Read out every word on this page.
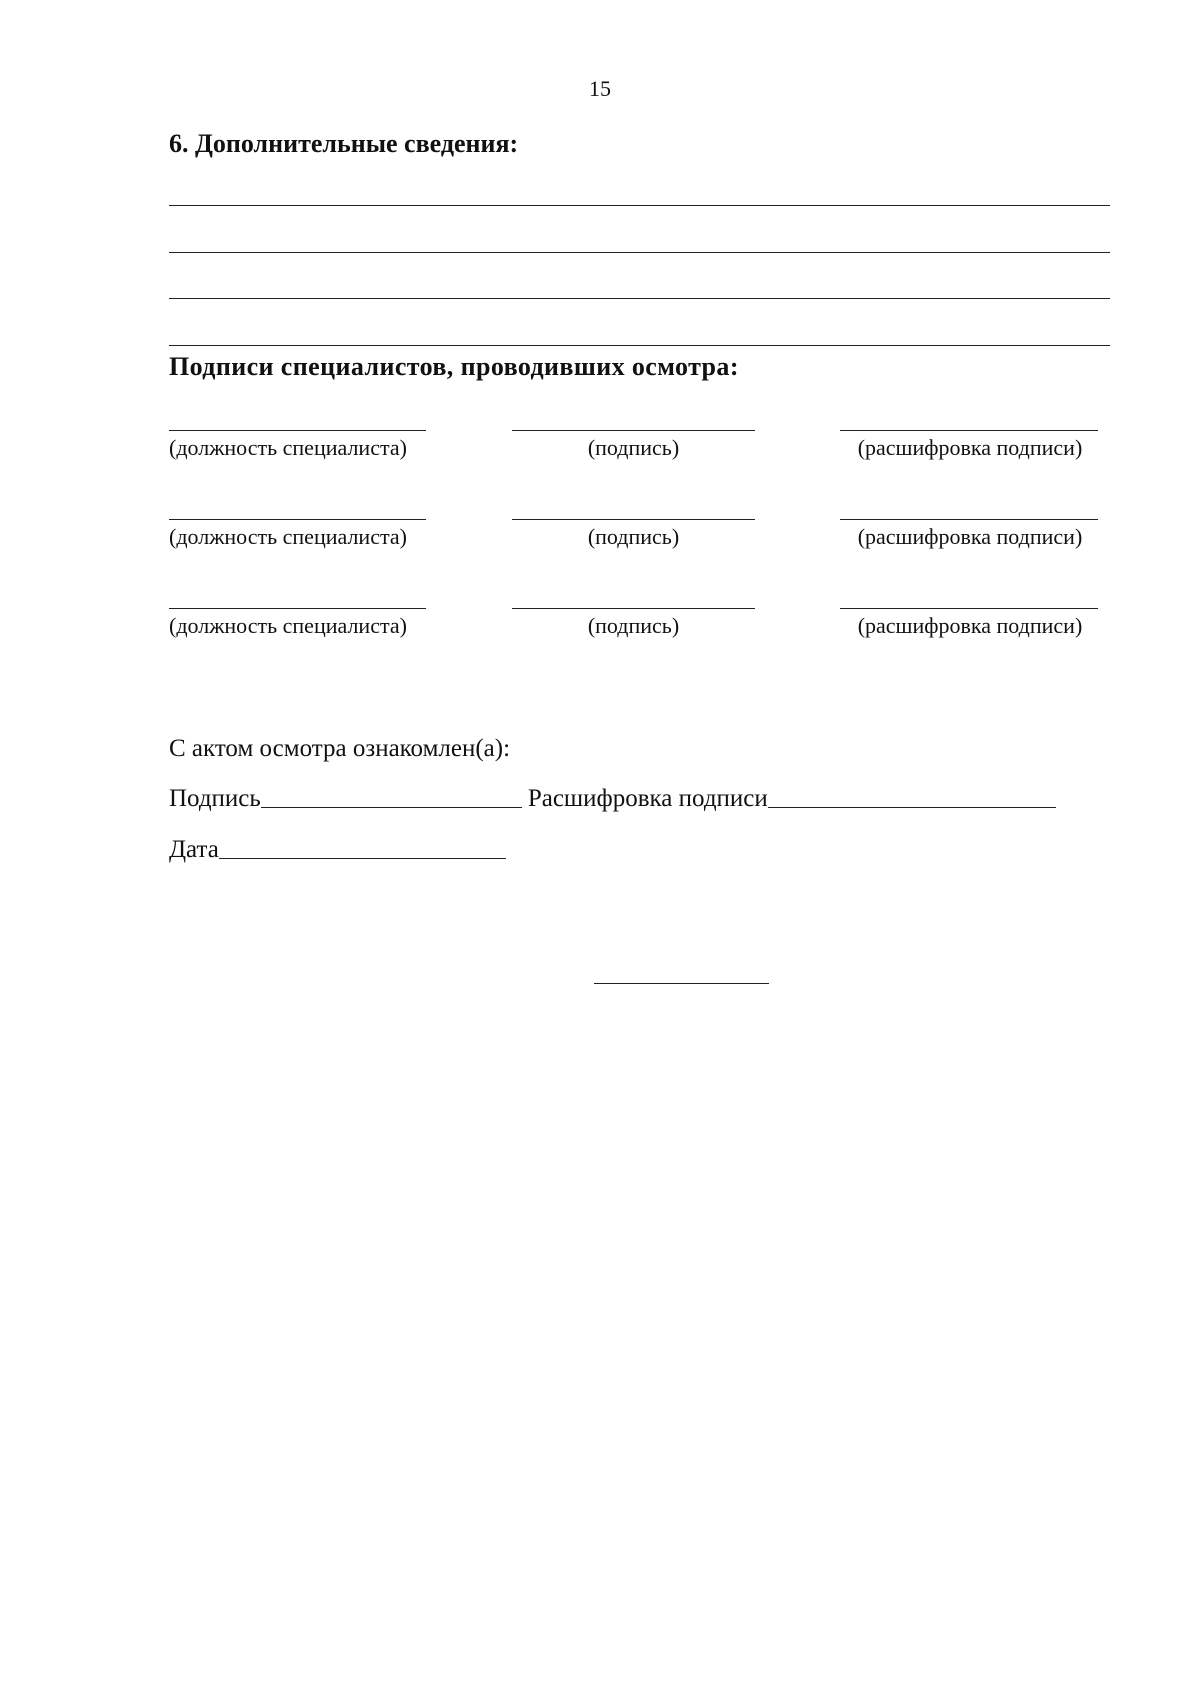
15
6. Дополнительные сведения:
Подписи специалистов, проводивших осмотра:
(должность специалиста)	(подпись)	(расшифровка подписи)
(должность специалиста)	(подпись)	(расшифровка подписи)
(должность специалиста)	(подпись)	(расшифровка подписи)
С актом осмотра ознакомлен(а):
Подпись	Расшифровка подписи
Дата
